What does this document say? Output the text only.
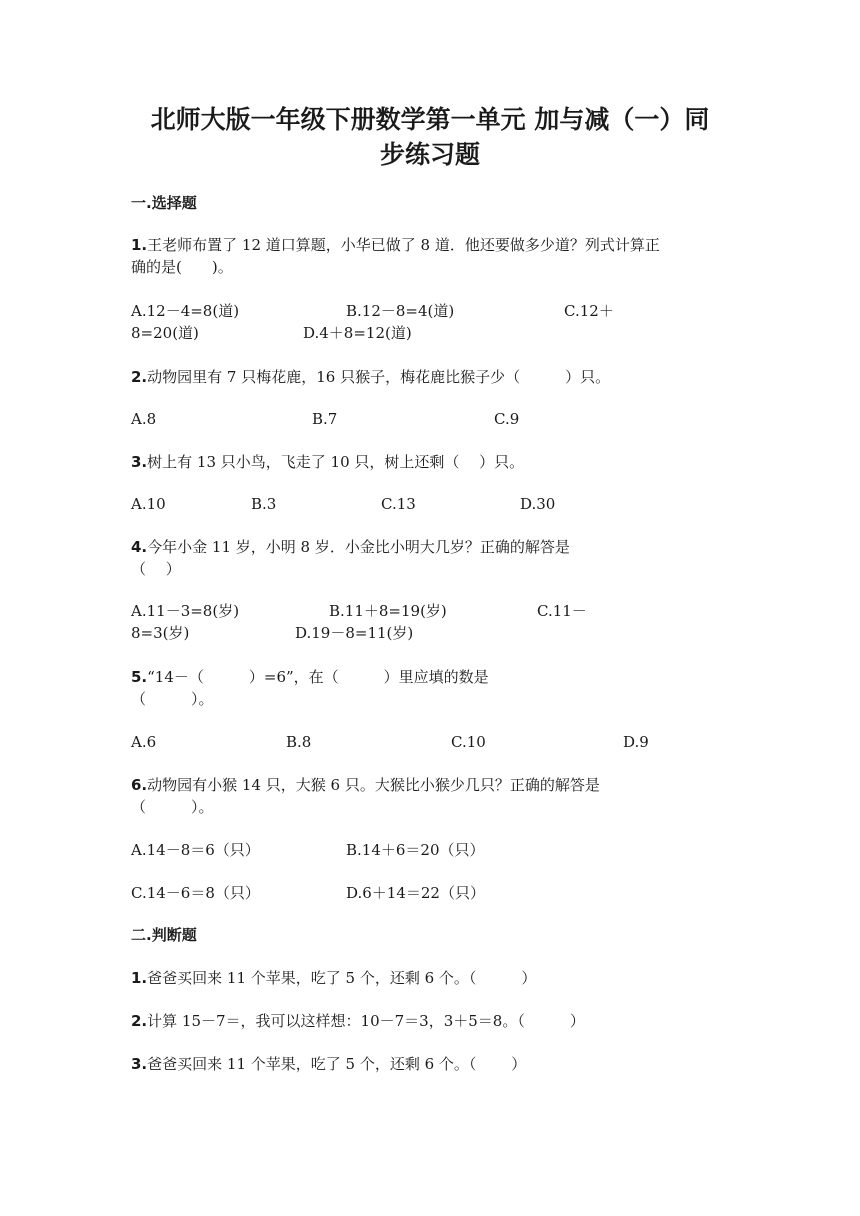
北师大版一年级下册数学第一单元 加与减（一）同
步练习题
一.选择题
1.王老师布置了 12 道口算题，小华已做了 8 道．他还要做多少道？列式计算正
确的是(　　)。
A.12－4=8(道)	B.12－8=4(道)	C.12＋
8=20(道)	D.4＋8=12(道)
2.动物园里有 7 只梅花鹿，16 只猴子，梅花鹿比猴子少（　　　）只。
A.8	B.7	C.9
3.树上有 13 只小鸟，飞走了 10 只，树上还剩（　 ）只。
A.10	B.3	C.13	D.30
4.今年小金 11 岁，小明 8 岁．小金比小明大几岁？正确的解答是
（　 ）
A.11－3=8(岁)	B.11＋8=19(岁)	C.11－
8=3(岁)	D.19－8=11(岁)
5.“14－（　　　）=6”，在（　　　）里应填的数是
（　　　）。
A.6	B.8	C.10	D.9
6.动物园有小猴 14 只，大猴 6 只。大猴比小猴少几只？正确的解答是
（　　　）。
A.14－8＝6（只）	B.14＋6＝20（只）
C.14－6＝8（只）	D.6＋14＝22（只）
二.判断题
1.爸爸买回来 11 个苹果，吃了 5 个，还剩 6 个。（　　　）
2.计算 15－7＝，我可以这样想：10－7＝3，3＋5＝8。（　　　）
3.爸爸买回来 11 个苹果，吃了 5 个，还剩 6 个。（　　 ）
